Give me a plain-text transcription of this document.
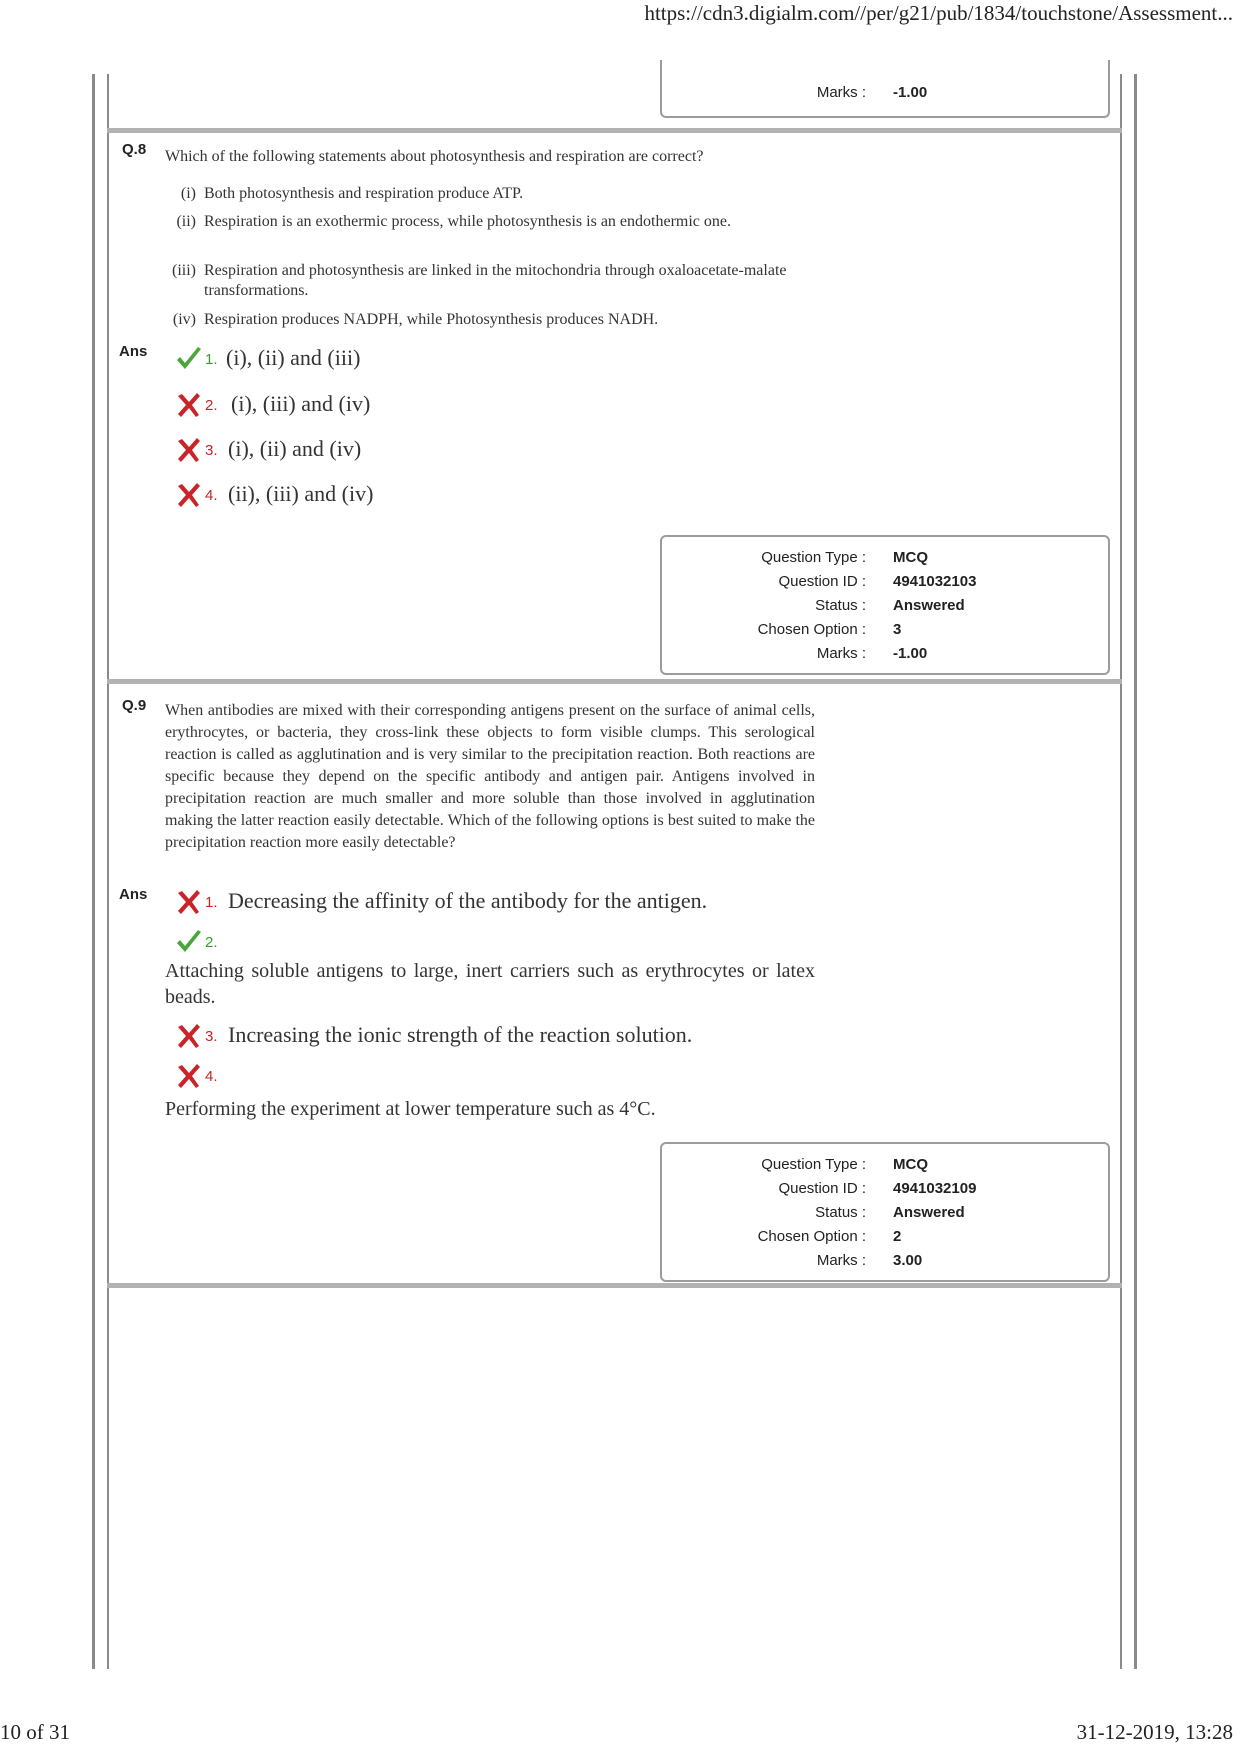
https://cdn3.digialm.com//per/g21/pub/1834/touchstone/Assessment...
10 of 31	31-12-2019, 13:28
Marks : -1.00
Q.8 Which of the following statements about photosynthesis and respiration are correct?
(i) Both photosynthesis and respiration produce ATP.
(ii) Respiration is an exothermic process, while photosynthesis is an endothermic one.
(iii) Respiration and photosynthesis are linked in the mitochondria through oxaloacetate-malate transformations.
(iv) Respiration produces NADPH, while Photosynthesis produces NADH.
Ans	1. (i), (ii) and (iii)
2. (i), (iii) and (iv)
3. (i), (ii) and (iv)
4. (ii), (iii) and (iv)
Question Type : MCQ
Question ID : 4941032103
Status : Answered
Chosen Option : 3
Marks : -1.00
Q.9 When antibodies are mixed with their corresponding antigens present on the surface of animal cells, erythrocytes, or bacteria, they cross-link these objects to form visible clumps. This serological reaction is called as agglutination and is very similar to the precipitation reaction. Both reactions are specific because they depend on the specific antibody and antigen pair. Antigens involved in precipitation reaction are much smaller and more soluble than those involved in agglutination making the latter reaction easily detectable. Which of the following options is best suited to make the precipitation reaction more easily detectable?
Ans	1. Decreasing the affinity of the antibody for the antigen.
2.
Attaching soluble antigens to large, inert carriers such as erythrocytes or latex beads.
3. Increasing the ionic strength of the reaction solution.
4.
Performing the experiment at lower temperature such as 4°C.
Question Type : MCQ
Question ID : 4941032109
Status : Answered
Chosen Option : 2
Marks : 3.00
